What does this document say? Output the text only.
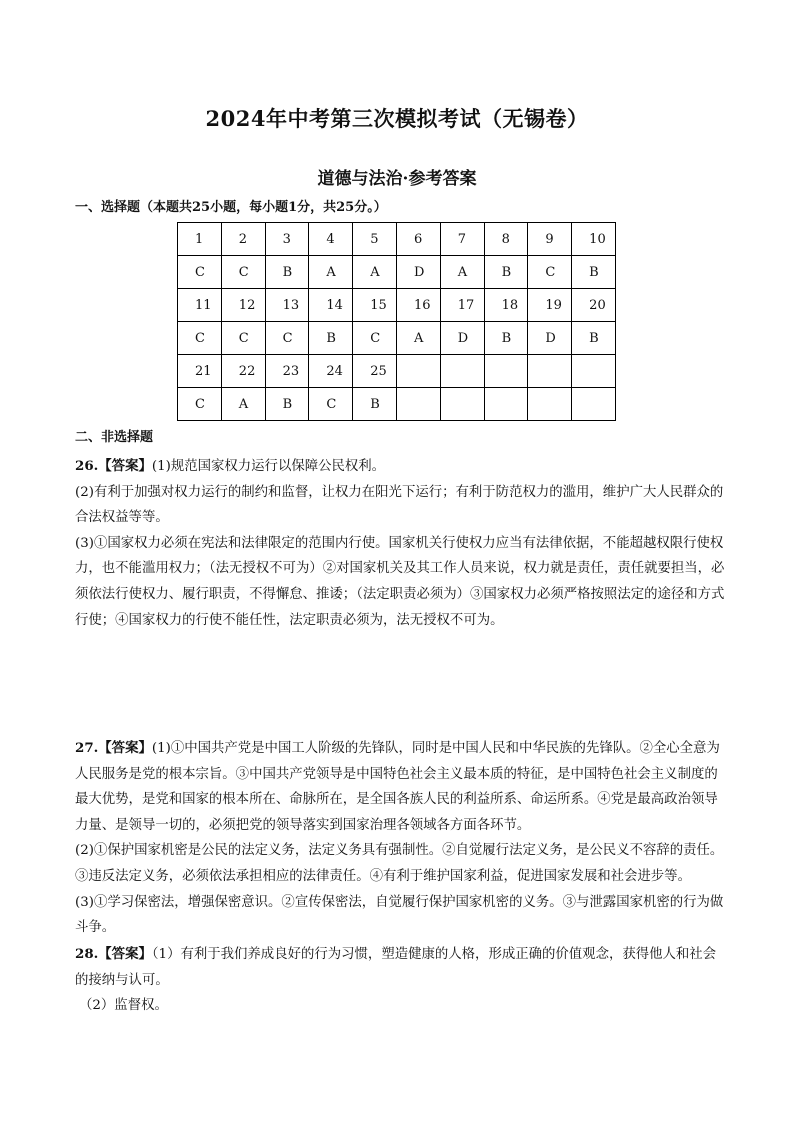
2024年中考第三次模拟考试（无锡卷）
道德与法治·参考答案
一、选择题（本题共25小题，每小题1分，共25分。）
1	2	3	4	5	6	7	8	9	10
C	C	B	A	A	D	A	B	C	B
11	12	13	14	15	16	17	18	19	20
C	C	C	B	C	A	D	B	D	B
21	22	23	24	25					
C	A	B	C	B					
二、非选择题

26.【答案】(1)规范国家权力运行以保障公民权利。

(2)有利于加强对权力运行的制约和监督，让权力在阳光下运行；有利于防范权力的滥用，维护广大人民群众的合法权益等等。

(3)①国家权力必须在宪法和法律限定的范围内行使。国家机关行使权力应当有法律依据，不能超越权限行使权力，也不能滥用权力；（法无授权不可为）②对国家机关及其工作人员来说，权力就是责任，责任就要担当，必须依法行使权力、履行职责，不得懈怠、推诿；（法定职责必须为）③国家权力必须严格按照法定的途径和方式行使；④国家权力的行使不能任性，法定职责必须为，法无授权不可为。

27.【答案】(1)①中国共产党是中国工人阶级的先锋队，同时是中国人民和中华民族的先锋队。②全心全意为人民服务是党的根本宗旨。③中国共产党领导是中国特色社会主义最本质的特征，是中国特色社会主义制度的最大优势，是党和国家的根本所在、命脉所在，是全国各族人民的利益所系、命运所系。④党是最高政治领导力量、是领导一切的，必须把党的领导落实到国家治理各领域各方面各环节。

(2)①保护国家机密是公民的法定义务，法定义务具有强制性。②自觉履行法定义务，是公民义不容辞的责任。③违反法定义务，必须依法承担相应的法律责任。④有利于维护国家利益，促进国家发展和社会进步等。

(3)①学习保密法，增强保密意识。②宣传保密法，自觉履行保护国家机密的义务。③与泄露国家机密的行为做斗争。

28.【答案】（1）有利于我们养成良好的行为习惯，塑造健康的人格，形成正确的价值观念，获得他人和社会的接纳与认可。

（2）监督权。
